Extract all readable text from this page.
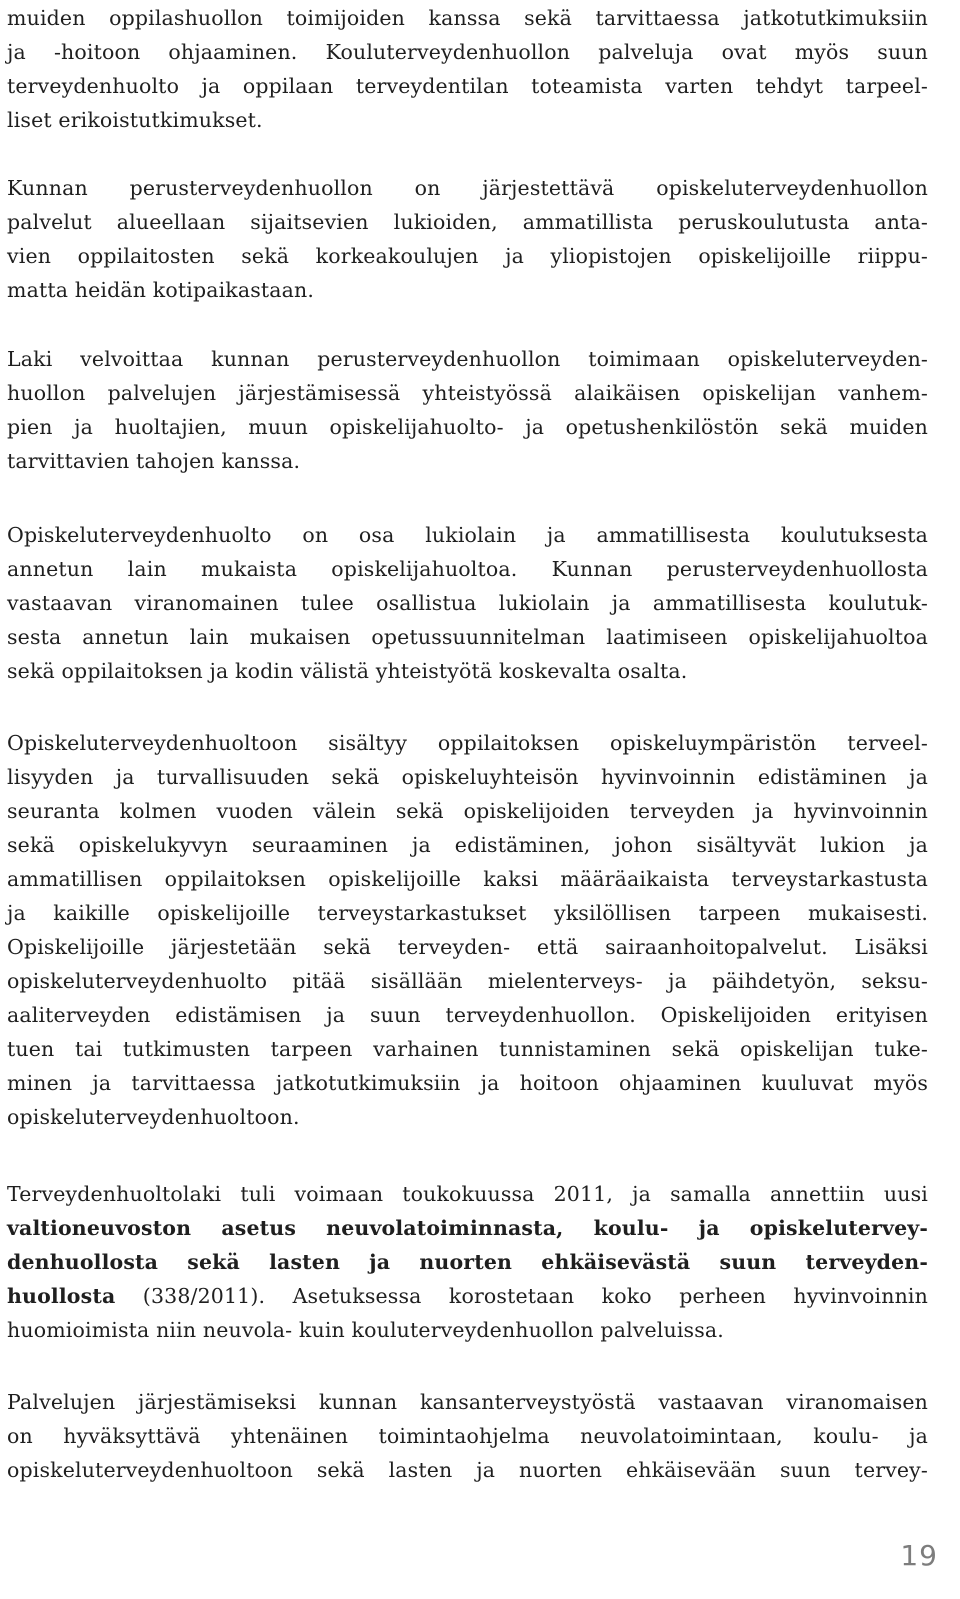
muiden oppilashuollon toimijoiden kanssa sekä tarvittaessa jatkotutkimuksiin
ja -hoitoon ohjaaminen. Kouluterveydenhuollon palveluja ovat myös suun
terveydenhuolto ja oppilaan terveydentilan toteamista varten tehdyt tarpeel-
liset erikoistutkimukset.
Kunnan perusterveydenhuollon on järjestettävä opiskeluterveydenhuollon
palvelut alueellaan sijaitsevien lukioiden, ammatillista peruskoulutusta anta-
vien oppilaitosten sekä korkeakoulujen ja yliopistojen opiskelijoille riippu-
matta heidän kotipaikastaan.
Laki velvoittaa kunnan perusterveydenhuollon toimimaan opiskeluterveyden-
huollon palvelujen järjestämisessä yhteistyössä alaikäisen opiskelijan vanhem-
pien ja huoltajien, muun opiskelijahuolto- ja opetushenkilöstön sekä muiden
tarvittavien tahojen kanssa.
Opiskeluterveydenhuolto on osa lukiolain ja ammatillisesta koulutuksesta
annetun lain mukaista opiskelijahuoltoa. Kunnan perusterveydenhuollosta
vastaavan viranomainen tulee osallistua lukiolain ja ammatillisesta koulutuk-
sesta annetun lain mukaisen opetussuunnitelman laatimiseen opiskelijahuoltoa
sekä oppilaitoksen ja kodin välistä yhteistyötä koskevalta osalta.
Opiskeluterveydenhuoltoon sisältyy oppilaitoksen opiskeluympäristön terveel-
lisyyden ja turvallisuuden sekä opiskeluyhteisön hyvinvoinnin edistäminen ja
seuranta kolmen vuoden välein sekä opiskelijoiden terveyden ja hyvinvoinnin
sekä opiskelukyvyn seuraaminen ja edistäminen, johon sisältyvät lukion ja
ammatillisen oppilaitoksen opiskelijoille kaksi määräaikaista terveystarkastusta
ja kaikille opiskelijoille terveystarkastukset yksilöllisen tarpeen mukaisesti.
Opiskelijoille järjestetään sekä terveyden- että sairaanhoitopalvelut. Lisäksi
opiskeluterveydenhuolto pitää sisällään mielenterveys- ja päihdetyön, seksu-
aaliterveyden edistämisen ja suun terveydenhuollon. Opiskelijoiden erityisen
tuen tai tutkimusten tarpeen varhainen tunnistaminen sekä opiskelijan tuke-
minen ja tarvittaessa jatkotutkimuksiin ja hoitoon ohjaaminen kuuluvat myös
opiskeluterveydenhuoltoon.
Terveydenhuoltolaki tuli voimaan toukokuussa 2011, ja samalla annettiin uusi
valtioneuvoston asetus neuvolatoiminnasta, koulu- ja opiskelutervey-
denhuollosta sekä lasten ja nuorten ehkäisevästä suun terveyden-
huollosta (338/2011). Asetuksessa korostetaan koko perheen hyvinvoinnin
huomioimista niin neuvola- kuin kouluterveydenhuollon palveluissa.
Palvelujen järjestämiseksi kunnan kansanterveystyöstä vastaavan viranomaisen
on hyväksyttävä yhtenäinen toimintaohjelma neuvolatoimintaan, koulu- ja
opiskeluterveydenhuoltoon sekä lasten ja nuorten ehkäisevään suun tervey-
19
